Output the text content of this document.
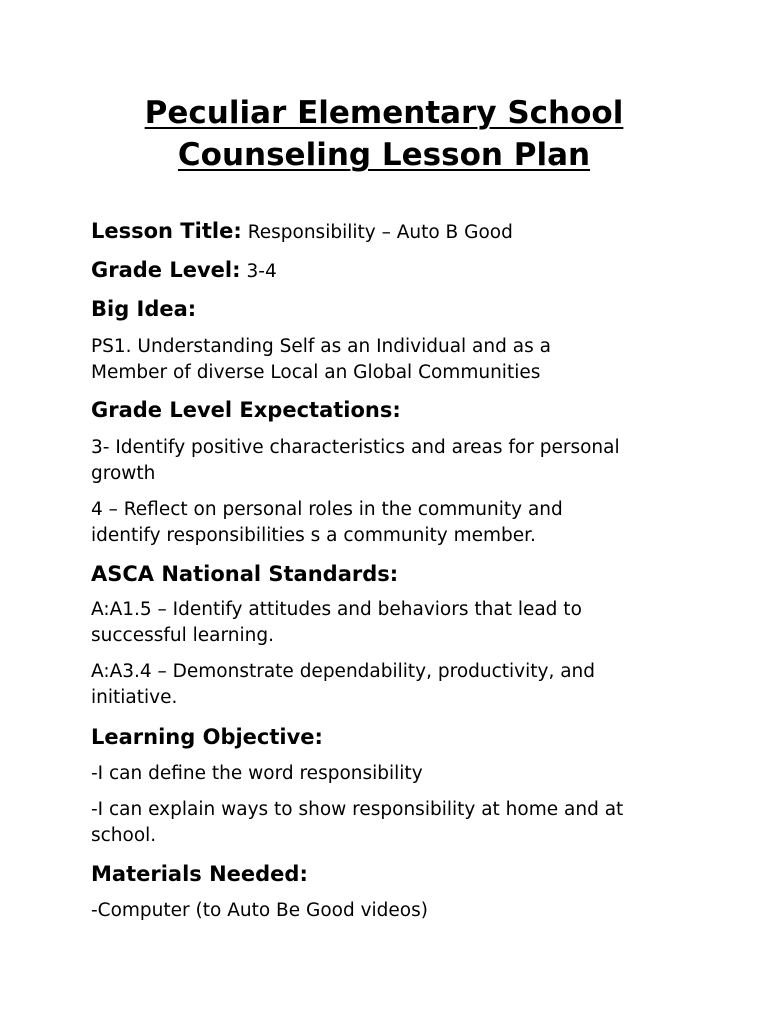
Peculiar Elementary School
Counseling Lesson Plan

Lesson Title: Responsibility – Auto B Good

Grade Level: 3-4

Big Idea:

PS1. Understanding Self as an Individual and as a

Member of diverse Local an Global Communities

Grade Level Expectations:

3- Identify positive characteristics and areas for personal

growth

4 – Reflect on personal roles in the community and

identify responsibilities s a community member.

ASCA National Standards:

A:A1.5 – Identify attitudes and behaviors that lead to

successful learning.

A:A3.4 – Demonstrate dependability, productivity, and

initiative.

Learning Objective:

-I can define the word responsibility

-I can explain ways to show responsibility at home and at

school.

Materials Needed:

-Computer (to Auto Be Good videos)
